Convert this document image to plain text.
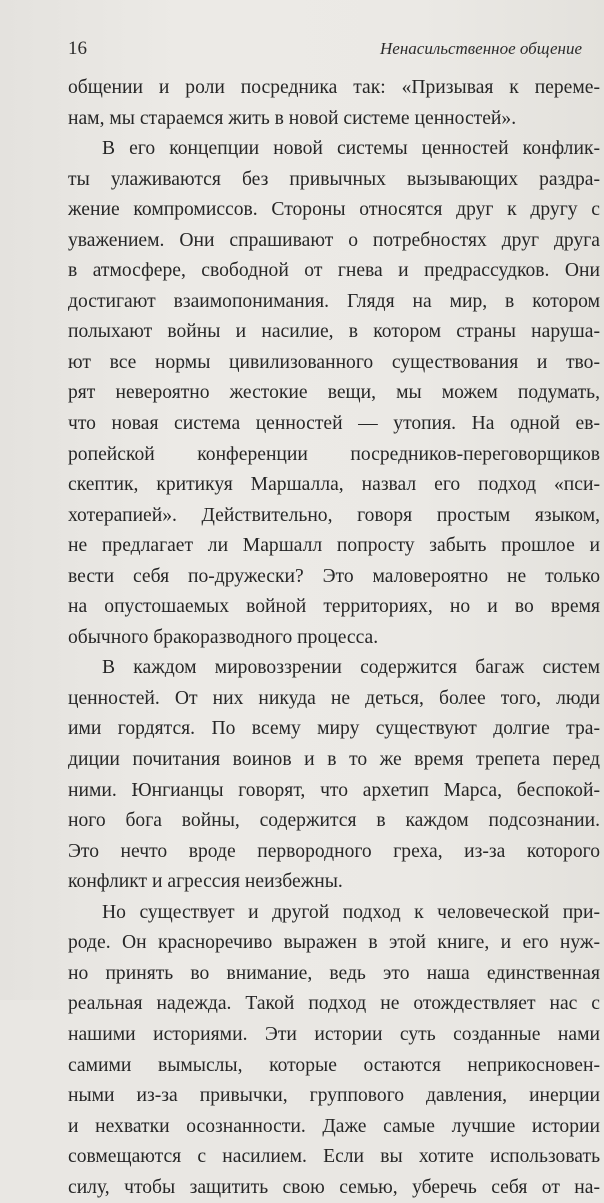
16	Ненасильственное общение
общении и роли посредника так: «Призывая к переме-
нам, мы стараемся жить в новой системе ценностей».
В его концепции новой системы ценностей конфлик-
ты улаживаются без привычных вызывающих раздра-
жение компромиссов. Стороны относятся друг к другу с
уважением. Они спрашивают о потребностях друг друга
в атмосфере, свободной от гнева и предрассудков. Они
достигают взаимопонимания. Глядя на мир, в котором
полыхают войны и насилие, в котором страны наруша-
ют все нормы цивилизованного существования и тво-
рят невероятно жестокие вещи, мы можем подумать,
что новая система ценностей — утопия. На одной ев-
ропейской конференции посредников-переговорщиков
скептик, критикуя Маршалла, назвал его подход «пси-
хотерапией». Действительно, говоря простым языком,
не предлагает ли Маршалл попросту забыть прошлое и
вести себя по-дружески? Это маловероятно не только
на опустошаемых войной территориях, но и во время
обычного бракоразводного процесса.
В каждом мировоззрении содержится багаж систем
ценностей. От них никуда не деться, более того, люди
ими гордятся. По всему миру существуют долгие тра-
диции почитания воинов и в то же время трепета перед
ними. Юнгианцы говорят, что архетип Марса, беспокой-
ного бога войны, содержится в каждом подсознании.
Это нечто вроде первородного греха, из-за которого
конфликт и агрессия неизбежны.
Но существует и другой подход к человеческой при-
роде. Он красноречиво выражен в этой книге, и его нуж-
но принять во внимание, ведь это наша единственная
реальная надежда. Такой подход не отождествляет нас с
нашими историями. Эти истории суть созданные нами
самими вымыслы, которые остаются неприкосновен-
ными из-за привычки, группового давления, инерции
и нехватки осознанности. Даже самые лучшие истории
совмещаются с насилием. Если вы хотите использовать
силу, чтобы защитить свою семью, уберечь себя от на-
